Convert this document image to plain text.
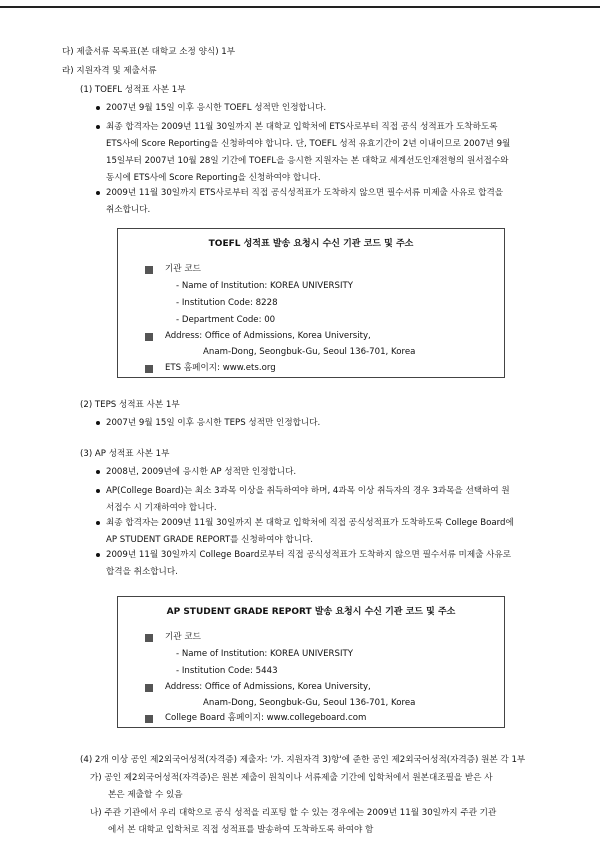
다) 제출서류 목록표(본 대학교 소정 양식) 1부
라) 지원자격 및 제출서류
(1) TOEFL 성적표 사본 1부
2007년 9월 15일 이후 응시한 TOEFL 성적만 인정합니다.
최종 합격자는 2009년 11월 30일까지 본 대학교 입학처에 ETS사로부터 직접 공식 성적표가 도착하도록
ETS사에 Score Reporting을 신청하여야 합니다. 단, TOEFL 성적 유효기간이 2년 이내이므로 2007년 9월
15일부터 2007년 10월 28일 기간에 TOEFL을 응시한 지원자는 본 대학교 세계선도인재전형의 원서접수와
동시에 ETS사에 Score Reporting을 신청하여야 합니다.
2009년 11월 30일까지 ETS사로부터 직접 공식성적표가 도착하지 않으면 필수서류 미제출 사유로 합격을
취소합니다.
TOEFL 성적표 발송 요청시 수신 기관 코드 및 주소
기관 코드
- Name of Institution: KOREA UNIVERSITY
- Institution Code: 8228
- Department Code: 00
Address: Office of Admissions, Korea University,
Anam-Dong, Seongbuk-Gu, Seoul 136-701, Korea
ETS 홈페이지: www.ets.org
(2) TEPS 성적표 사본 1부
2007년 9월 15일 이후 응시한 TEPS 성적만 인정합니다.
(3) AP 성적표 사본 1부
2008년, 2009년에 응시한 AP 성적만 인정합니다.
AP(College Board)는 최소 3과목 이상을 취득하여야 하며, 4과목 이상 취득자의 경우 3과목을 선택하여 원
서접수 시 기재하여야 합니다.
최종 합격자는 2009년 11월 30일까지 본 대학교 입학처에 직접 공식성적표가 도착하도록 College Board에
AP STUDENT GRADE REPORT를 신청하여야 합니다.
2009년 11월 30일까지 College Board로부터 직접 공식성적표가 도착하지 않으면 필수서류 미제출 사유로
합격을 취소합니다.
AP STUDENT GRADE REPORT 발송 요청시 수신 기관 코드 및 주소
기관 코드
- Name of Institution: KOREA UNIVERSITY
- Institution Code: 5443
Address: Office of Admissions, Korea University,
Anam-Dong, Seongbuk-Gu, Seoul 136-701, Korea
College Board 홈페이지: www.collegeboard.com
(4) 2개 이상 공인 제2외국어성적(자격증) 제출자: '가. 지원자격 3)항'에 준한 공인 제2외국어성적(자격증) 원본 각 1부
가) 공인 제2외국어성적(자격증)은 원본 제출이 원칙이나 서류제출 기간에 입학처에서 원본대조필을 받은 사
본은 제출할 수 있음
나) 주관 기관에서 우리 대학으로 공식 성적을 리포팅 할 수 있는 경우에는 2009년 11월 30일까지 주관 기관
에서 본 대학교 입학처로 직접 성적표를 발송하여 도착하도록 하여야 함
